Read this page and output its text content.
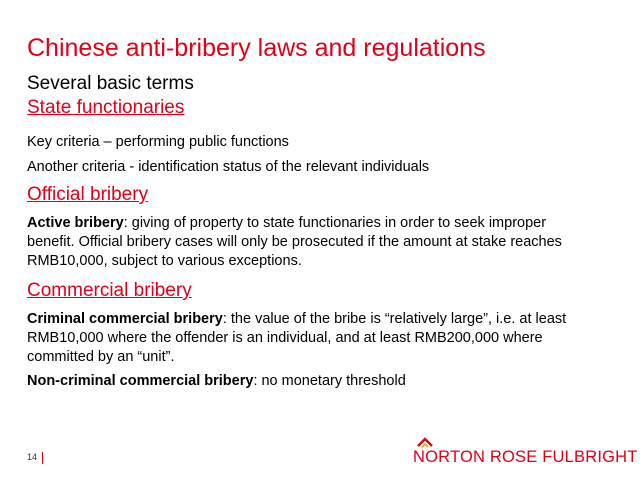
Chinese anti-bribery laws and regulations
Several basic terms
State functionaries
Key criteria – performing public functions
Another criteria - identification status of the relevant individuals
Official bribery
Active bribery: giving of property to state functionaries in order to seek improper benefit. Official bribery cases will only be prosecuted if the amount at stake reaches RMB10,000, subject to various exceptions.
Commercial bribery
Criminal commercial bribery: the value of the bribe is “relatively large”, i.e. at least RMB10,000 where the offender is an individual, and at least RMB200,000 where committed by an “unit”.
Non-criminal commercial bribery: no monetary threshold
14	NORTON ROSE FULBRIGHT
